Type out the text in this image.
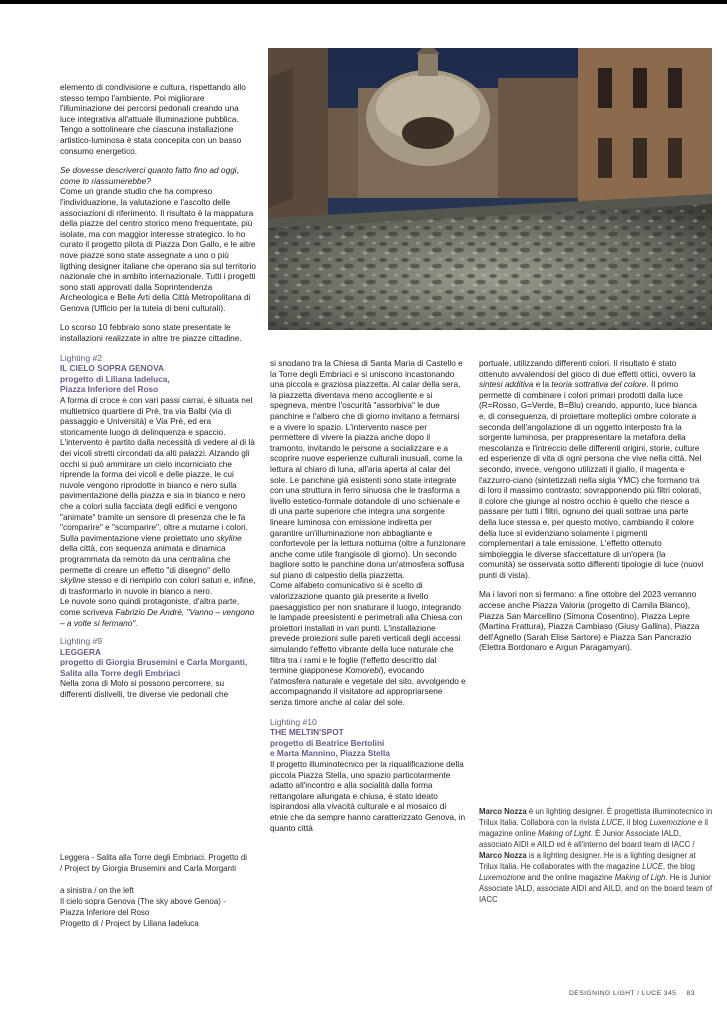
elemento di condivisione e cultura, rispettando allo stesso tempo l'ambiente. Poi migliorare l'illuminazione dei percorsi pedonali creando una luce integrativa all'attuale illuminazione pubblica. Tengo a sottolineare che ciascuna installazione artistico-luminosa è stata concepita con un basso consumo energetico.

Se dovesse descriverci quanto fatto fino ad oggi, come lo riassumerebbe?

Come un grande studio che ha compreso l'individuazione, la valutazione e l'ascolto delle associazioni di riferimento. Il risultato è la mappatura della piazze del centro storico meno frequentate, più isolate, ma con maggior interesse strategico. Io ho curato il progetto pilota di Piazza Don Gallo, e le altre nove piazze sono state assegnate a uno o più ligthing designer italiane che operano sia sul territorio nazionale che in ambito internazionale. Tutti i progetti sono stati approvati dalla Soprintendenza Archeologica e Belle Arti della Città Metropolitana di Genova (Ufficio per la tutela di beni culturali).

Lo scorso 10 febbraio sono state presentate le installazioni realizzate in altre tre piazze cittadine.

Lighting #2
IL CIELO SOPRA GENOVA
progetto di Liliana Iadeluca,
Piazza Inferiore del Roso
A forma di croce e con vari passi carrai, è situata nel multietnico quartiere di Prè, tra via Balbi (via di passaggio e Università) e Via Prè, ed era storicamente luogo di delinquenza e spaccio. L'intervento è partito dalla necessità di vedere al di là dei vicoli stretti circondati da alti palazzi. Alzando gli occhi si può ammirare un cielo incorniciato che riprende la forma dei vicoli e delle piazze, le cui nuvole vengono riprodotte in bianco e nero sulla pavimentazione della piazza e sia in bianco e nero che a colori sulla facciata degli edifici e vengono "animate" tramite un sensore di presenza che le fa "comparire" e "scomparire", oltre a mutarne i colori.
Sulla pavimentazione viene proiettato uno skyline della città, con sequenza animata e dinamica programmata da remoto da una centralina che permette di creare un effetto "di disegno" dello skyline stesso e di riempirlo con colori saturi e, infine, di trasformarlo in nuvole in bianco a nero.
Le nuvole sono quindi protagoniste, d'altra parte, come scriveva Fabrizio De André, "Vanno – vengono – a volte si fermano".
Lighting #9
LEGGERA
progetto di Giorgia Brusemini e Carla Morganti,
Salita alla Torre degli Embriaci
Nella zona di Molo si possono percorrere, su differenti dislivelli, tre diverse vie pedonali che

Leggera - Salita alla Torre degli Embriaci. Progetto di / Project by Giorgia Brusemini and Carla Morganti

a sinistra / on the left
Il cielo sopra Genova (The sky above Genoa) - Piazza Inferiore del Roso
Progetto di / Project by Liliana Iadeluca

si snodano tra la Chiesa di Santa Maria di Castello e la Torre degli Embriaci e si uniscono incastonando una piccola e graziosa piazzetta. Al calar della sera, la piazzetta diventava meno accogliente e si spegneva, mentre l'oscurità "assorbiva" le due panchine e l'albero che di giorno invitano a fermarsi e a vivere lo spazio. L'intervento nasce per permettere di vivere la piazza anche dopo il tramonto, invitando le persone a socializzare e a scoprire nuove esperienze culturali inusuali, come la lettura al chiaro di luna, all'aria aperta al calar del sole. Le panchine già esistenti sono state integrate con una struttura in ferro sinuosa che le trasforma a livello estetico-formale dotandole di uno schienale e di una parte superiore che integra una sorgente lineare luminosa con emissione indiretta per garantire un'illuminazione non abbagliante e confortevole per la lettura notturna (oltre a funzionare anche come utile frangisole di giorno). Un secondo bagliore sotto le panchine dona un'atmosfera soffusa sul piano di calpestio della piazzetta.

Come alfabeto comunicativo si è scelto di valorizzazione quanto già presente a livello paesaggistico per non snaturare il luogo, integrando le lampade preesistenti e perimetrali alla Chiesa con proiettori installati in vari punti. L'installazione prevede proiezioni sulle pareti verticali degli accessi simulando l'effetto vibrante della luce naturale che filtra tra i rami e le foglie (l'effetto descritto dal termine giapponese Komorebi), evocando l'atmosfera naturale e vegetale del sito, avvolgendo e accompagnando il visitatore ad appropriarsene senza timore anche al calar del sole.

Lighting #10
THE MELTIN'SPOT
progetto di Beatrice Bertolini
e Marta Mannino, Piazza Stella
Il progetto illuminotecnico per la riqualificazione della piccola Piazza Stella, uno spazio particolarmente adatto all'incontro e alla socialità dalla forma rettangolare allungata e chiusa, è stato ideato ispirandosi alla vivacità culturale e al mosaico di etnie che da sempre hanno caratterizzato Genova, in quanto città

portuale, utilizzando differenti colori. Il risultato è stato ottenuto avvalendosi del gioco di due effetti ottici, ovvero la sintesi additiva e la teoria sottrativa del colore. Il primo permette di combinare i colori primari prodotti dalla luce (R=Rosso, G=Verde, B=Blu) creando, appunto, luce bianca e, di conseguenza, di proiettare molteplici ombre colorate a seconda dell'angolazione di un oggetto interposto fra la sorgente luminosa, per prappresentare la metafora della mescolanza e l'intreccio delle differenti origini, storie, culture ed esperienze di vita di ogni persona che vive nella città. Nel secondo, invece, vengono utilizzati il giallo, il magenta e l'azzurro-ciano (sintetizzati nella sigla YMC) che formano tra di loro il massimo contrasto: sovrapponendo più filtri colorati, il colore che giunge al nostro occhio è quello che riesce a passare per tutti i filtri, ognuno dei quali sottrae una parte della luce stessa e, per questo motivo, cambiando il colore della luce si evidenziano solamente i pigmenti complementari a tale emissione. L'effetto ottenuto simboleggia le diverse sfaccettature di un'opera (la comunità) se osservata sotto differenti tipologie di luce (nuovi punti di vista).

Ma i lavori non si fermano: a fine ottobre del 2023 verranno accese anche Piazza Valoria (progetto di Camila Blanco), Piazza San Marcellino (Simona Cosentino), Piazza Lepre (Martina Frattura), Piazza Cambiaso (Giusy Gallina), Piazza dell'Agnello (Sarah Elise Sartore) e Piazza San Pancrazio (Elettra Bordonaro e Argun Paragamyan).

Marco Nozza è un lighting designer. È progettista illuminotecnico in Trilux Italia. Collabora con la rivista LUCE, il blog Luxemozione e il magazine online Making of Light. È Junior Associate IALD, associato AIDI e AILD ed è all'interno del board team di IACC / Marco Nozza is a lighting designer. He is a lighting designer at Trilux Italia. He collaborates with the magazine LUCE, the blog Luxemozione and the online magazine Making of Ligh. He is Junior Associate IALD, associate AIDI and AILD, and on the board team of IACC
DESIGNING LIGHT / LUCE 345 83
